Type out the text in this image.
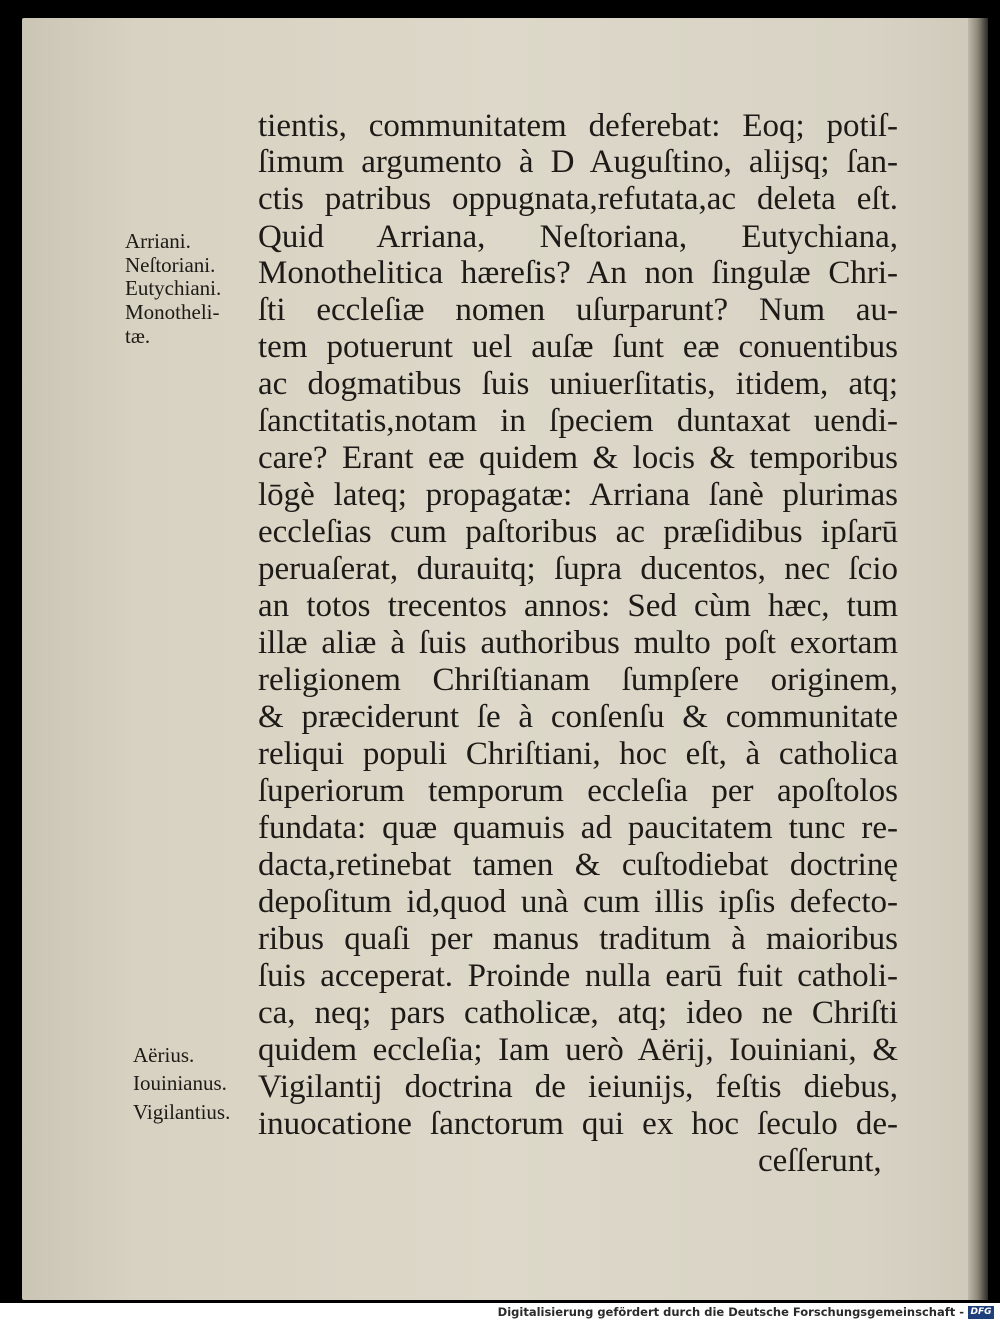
tientis, communitatem deferebat: Eoq; potiſ-
ſimum argumento à D Auguſtino, alijsq; ſan-
ctis patribus oppugnata,refutata,ac deleta eſt.
Quid Arriana, Neſtoriana, Eutychiana,
Monothelitica hæreſis? An non ſingulæ Chri-
ſti eccleſiæ nomen uſurparunt? Num au-
tem potuerunt uel auſæ ſunt eæ conuentibus
ac dogmatibus ſuis uniuerſitatis, itidem, atq;
ſanctitatis,notam in ſpeciem duntaxat uendi-
care? Erant eæ quidem & locis & temporibus
lōgè lateq; propagatæ: Arriana ſanè plurimas
eccleſias cum paſtoribus ac præſidibus ipſarū
peruaſerat, durauitq; ſupra ducentos, nec ſcio
an totos trecentos annos: Sed cùm hæc, tum
illæ aliæ à ſuis authoribus multo poſt exortam
religionem Chriſtianam ſumpſere originem,
& præciderunt ſe à conſenſu & communitate
reliqui populi Chriſtiani, hoc eſt, à catholica
ſuperiorum temporum eccleſia per apoſtolos
fundata: quæ quamuis ad paucitatem tunc re-
dacta,retinebat tamen & cuſtodiebat doctrinę
depoſitum id,quod unà cum illis ipſis defecto-
ribus quaſi per manus traditum à maioribus
ſuis acceperat. Proinde nulla earū fuit catholi-
ca, neq; pars catholicæ, atq; ideo ne Chriſti
quidem eccleſia; Iam uerò Aërij, Iouiniani, &
Vigilantij doctrina de ieiunijs, feſtis diebus,
inuocatione ſanctorum qui ex hoc ſeculo de-
ceſſerunt,
Arriani.
Neſtoriani.
Eutychiani.
Monotheli-
tæ.
Aërius.
Iouinianus.
Vigilantius.
Digitalisierung gefördert durch die Deutsche Forschungsgemeinschaft - DFG
